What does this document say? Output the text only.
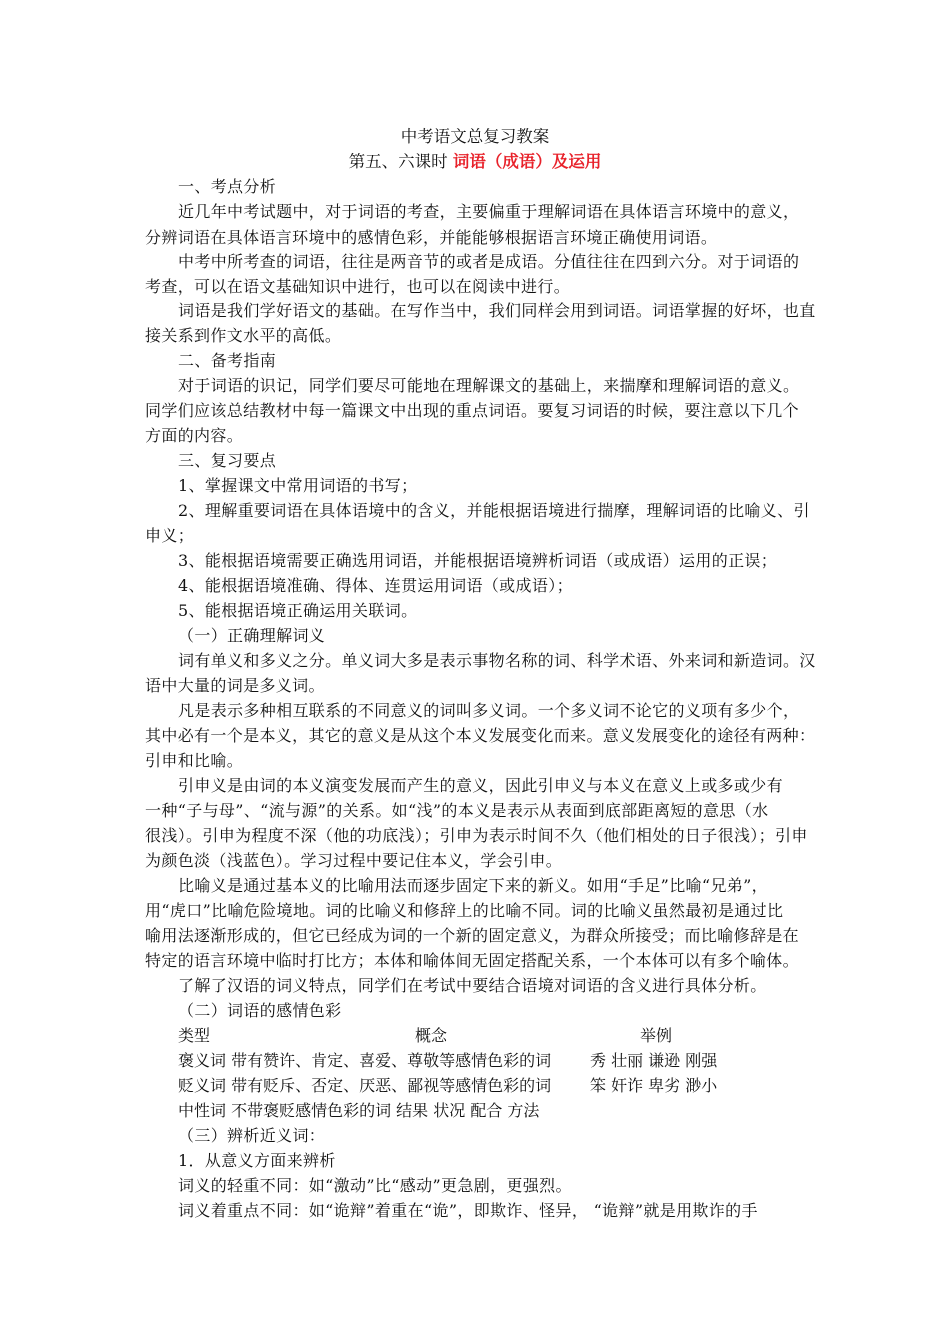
中考语文总复习教案
第五、六课时 词语（成语）及运用
一、考点分析
近几年中考试题中，对于词语的考查，主要偏重于理解词语在具体语言环境中的意义，
分辨词语在具体语言环境中的感情色彩，并能能够根据语言环境正确使用词语。
中考中所考查的词语，往往是两音节的或者是成语。分值往往在四到六分。对于词语的
考查，可以在语文基础知识中进行，也可以在阅读中进行。
词语是我们学好语文的基础。在写作当中，我们同样会用到词语。词语掌握的好坏，也直
接关系到作文水平的高低。
二、备考指南
对于词语的识记，同学们要尽可能地在理解课文的基础上，来揣摩和理解词语的意义。
同学们应该总结教材中每一篇课文中出现的重点词语。要复习词语的时候，要注意以下几个
方面的内容。
三、复习要点
1、掌握课文中常用词语的书写；
2、理解重要词语在具体语境中的含义，并能根据语境进行揣摩，理解词语的比喻义、引
申义；
3、能根据语境需要正确选用词语，并能根据语境辨析词语（或成语）运用的正误；
4、能根据语境准确、得体、连贯运用词语（或成语）；
5、能根据语境正确运用关联词。
（一）正确理解词义
词有单义和多义之分。单义词大多是表示事物名称的词、科学术语、外来词和新造词。汉
语中大量的词是多义词。
凡是表示多种相互联系的不同意义的词叫多义词。一个多义词不论它的义项有多少个，
其中必有一个是本义，其它的意义是从这个本义发展变化而来。意义发展变化的途径有两种：
引申和比喻。
引申义是由词的本义演变发展而产生的意义，因此引申义与本义在意义上或多或少有
一种“子与母”、“流与源”的关系。如“浅”的本义是表示从表面到底部距离短的意思（水
很浅）。引申为程度不深（他的功底浅）；引申为表示时间不久（他们相处的日子很浅）；引申
为颜色淡（浅蓝色）。学习过程中要记住本义，学会引申。
比喻义是通过基本义的比喻用法而逐步固定下来的新义。如用“手足”比喻“兄弟”，
用“虎口”比喻危险境地。词的比喻义和修辞上的比喻不同。词的比喻义虽然最初是通过比
喻用法逐渐形成的，但它已经成为词的一个新的固定意义，为群众所接受；而比喻修辞是在
特定的语言环境中临时打比方；本体和喻体间无固定搭配关系，一个本体可以有多个喻体。
了解了汉语的词义特点，同学们在考试中要结合语境对词语的含义进行具体分析。
（二）词语的感情色彩
类型	概念	举例
褒义词 带有赞许、肯定、喜爱、尊敬等感情色彩的词 秀 壮丽 谦逊 刚强
贬义词 带有贬斥、否定、厌恶、鄙视等感情色彩的词 笨 奸诈 卑劣 渺小
中性词 不带褒贬感情色彩的词 结果 状况 配合 方法
（三）辨析近义词：
1．从意义方面来辨析
词义的轻重不同：如“激动”比“感动”更急剧，更强烈。
词义着重点不同：如“诡辩”着重在“诡”，即欺诈、怪异， “诡辩”就是用欺诈的手
